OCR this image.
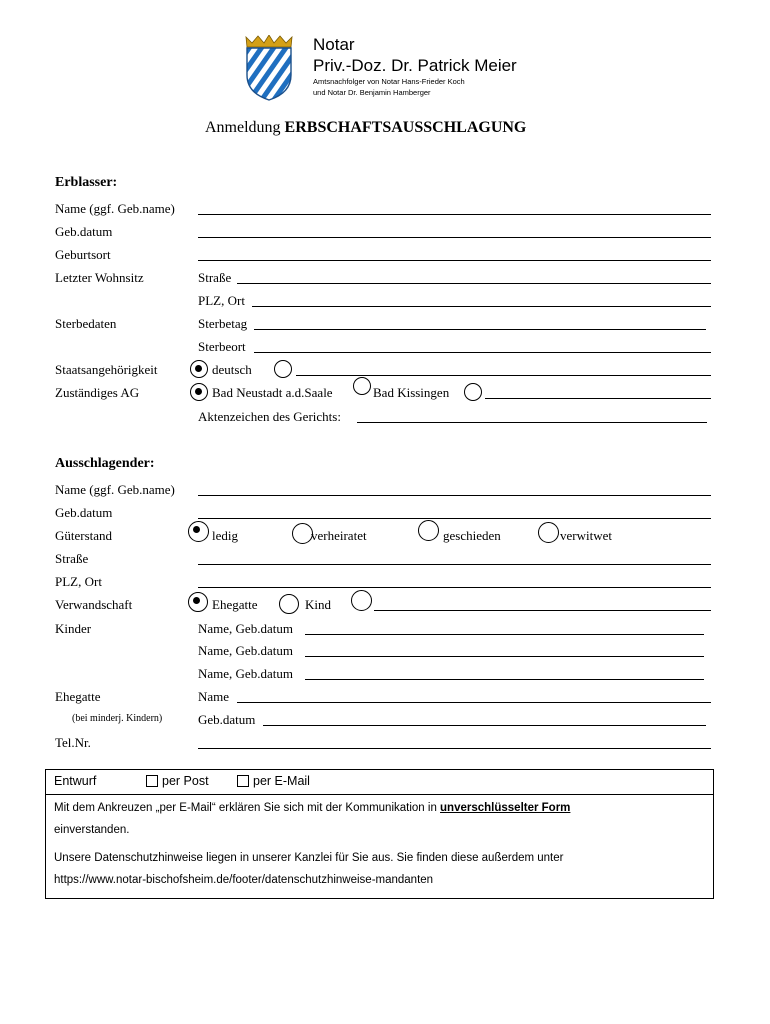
Notar
Priv.-Doz. Dr. Patrick Meier
Amtsnachfolger von Notar Hans-Frieder Koch
und Notar Dr. Benjamin Hamberger
Anmeldung ERBSCHAFTSAUSSCHLAGUNG
Erblasser:
Name (ggf. Geb.name)
Geb.datum
Geburtsort
Letzter Wohnsitz	Straße
PLZ, Ort
Sterbedaten	Sterbetag
Sterbeort
Staatsangehörigkeit	deutsch
Zuständiges AG	Bad Neustadt a.d.Saale	Bad Kissingen
Aktenzeichen des Gerichts:
Ausschlagender:
Name (ggf. Geb.name)
Geb.datum
Güterstand	ledig	verheiratet	geschieden	verwitwet
Straße
PLZ, Ort
Verwandschaft	Ehegatte	Kind
Kinder	Name, Geb.datum
Name, Geb.datum
Name, Geb.datum
Ehegatte	Name
(bei minderj. Kindern)	Geb.datum
Tel.Nr.
Entwurf	per Post	per E-Mail
Mit dem Ankreuzen „per E-Mail“ erklären Sie sich mit der Kommunikation in unverschlüsselter Form
einverstanden.
Unsere Datenschutzhinweise liegen in unserer Kanzlei für Sie aus. Sie finden diese außerdem unter
https://www.notar-bischofsheim.de/footer/datenschutzhinweise-mandanten
